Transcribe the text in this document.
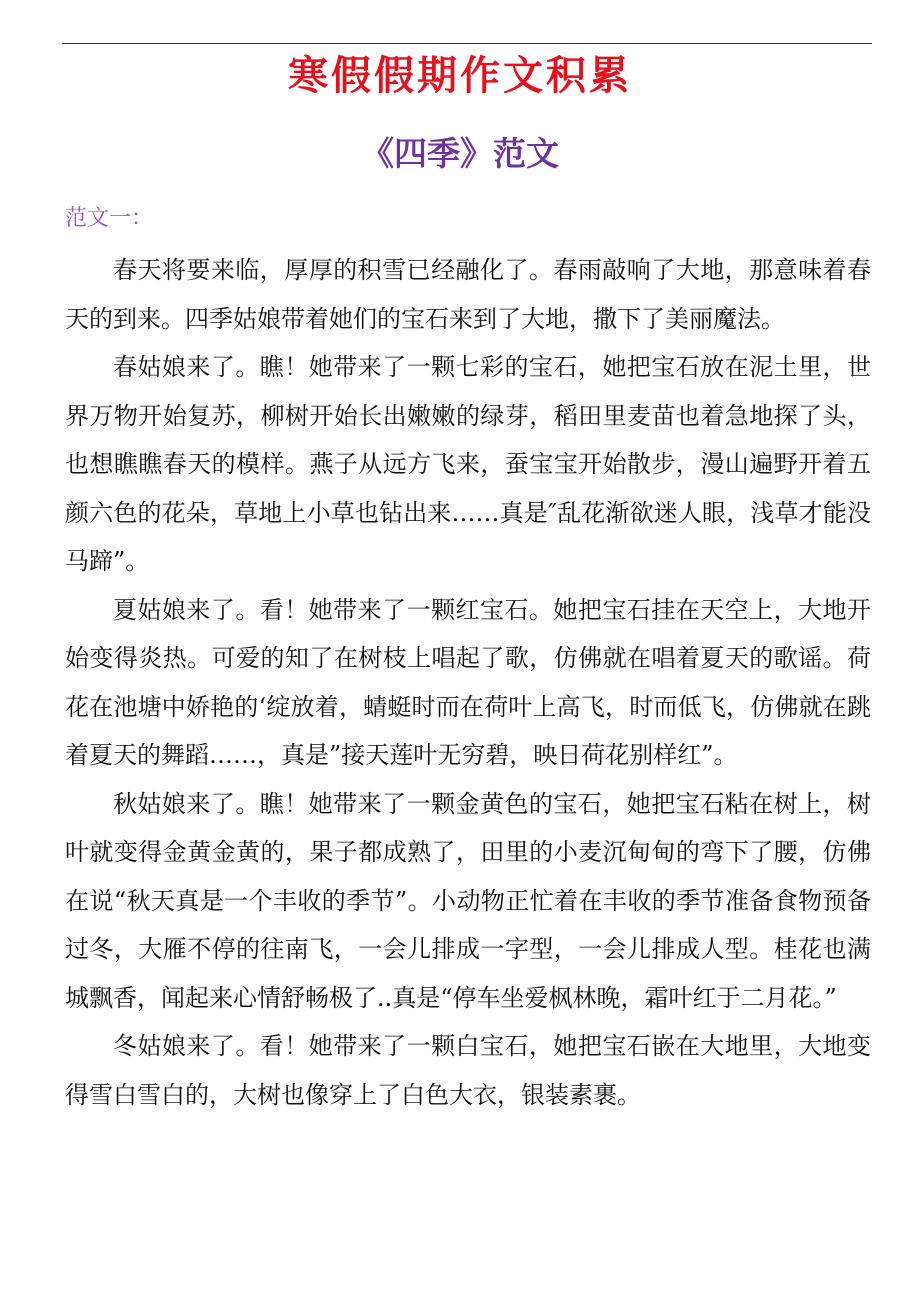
寒假假期作文积累
《四季》范文
范文一：

春天将要来临，厚厚的积雪已经融化了。春雨敲响了大地，那意味着春天的到来。四季姑娘带着她们的宝石来到了大地，撒下了美丽魔法。

春姑娘来了。瞧！她带来了一颗七彩的宝石，她把宝石放在泥土里，世界万物开始复苏，柳树开始长出嫩嫩的绿芽，稻田里麦苗也着急地探了头，也想瞧瞧春天的模样。燕子从远方飞来，蚕宝宝开始散步，漫山遍野开着五颜六色的花朵，草地上小草也钻出来……真是″乱花渐欲迷人眼，浅草才能没马蹄”。

夏姑娘来了。看！她带来了一颗红宝石。她把宝石挂在天空上，大地开始变得炎热。可爱的知了在树枝上唱起了歌，仿佛就在唱着夏天的歌谣。荷花在池塘中娇艳的‘绽放着，蜻蜓时而在荷叶上高飞，时而低飞，仿佛就在跳着夏天的舞蹈……，真是”接天莲叶无穷碧，映日荷花别样红”。

秋姑娘来了。瞧！她带来了一颗金黄色的宝石，她把宝石粘在树上，树叶就变得金黄金黄的，果子都成熟了，田里的小麦沉甸甸的弯下了腰，仿佛在说“秋天真是一个丰收的季节”。小动物正忙着在丰收的季节准备食物预备过冬，大雁不停的往南飞，一会儿排成一字型，一会儿排成人型。桂花也满城飘香，闻起来心情舒畅极了..真是“停车坐爱枫林晚，霜叶红于二月花。”

冬姑娘来了。看！她带来了一颗白宝石，她把宝石嵌在大地里，大地变得雪白雪白的，大树也像穿上了白色大衣，银装素裹。
